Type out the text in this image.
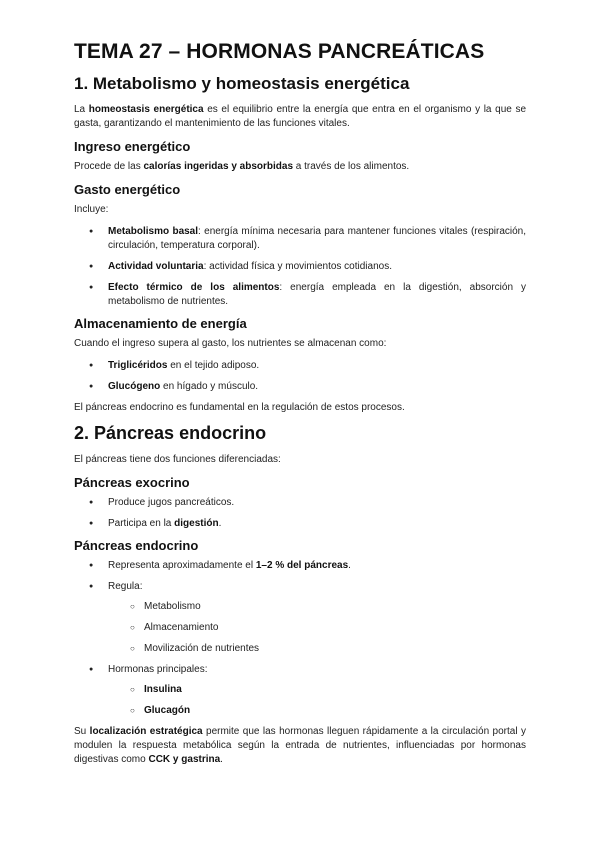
TEMA 27 – HORMONAS PANCREÁTICAS
1. Metabolismo y homeostasis energética

La homeostasis energética es el equilibrio entre la energía que entra en el organismo y la que se gasta, garantizando el mantenimiento de las funciones vitales.

Ingreso energético

Procede de las calorías ingeridas y absorbidas a través de los alimentos.

Gasto energético

Incluye:

● Metabolismo basal: energía mínima necesaria para mantener funciones vitales (respiración, circulación, temperatura corporal).
● Actividad voluntaria: actividad física y movimientos cotidianos.
● Efecto térmico de los alimentos: energía empleada en la digestión, absorción y metabolismo de nutrientes.
Almacenamiento de energía

Cuando el ingreso supera al gasto, los nutrientes se almacenan como:

● Triglicéridos en el tejido adiposo.
● Glucógeno en hígado y músculo.

El páncreas endocrino es fundamental en la regulación de estos procesos.

2. Páncreas endocrino

El páncreas tiene dos funciones diferenciadas:

Páncreas exocrino
● Produce jugos pancreáticos.
● Participa en la digestión.
Páncreas endocrino
● Representa aproximadamente el 1–2 % del páncreas.
● Regula:
○ Metabolismo
○ Almacenamiento
○ Movilización de nutrientes
● Hormonas principales:
○ Insulina
○ Glucagón

Su localización estratégica permite que las hormonas lleguen rápidamente a la circulación portal y modulen la respuesta metabólica según la entrada de nutrientes, influenciadas por hormonas digestivas como CCK y gastrina.
